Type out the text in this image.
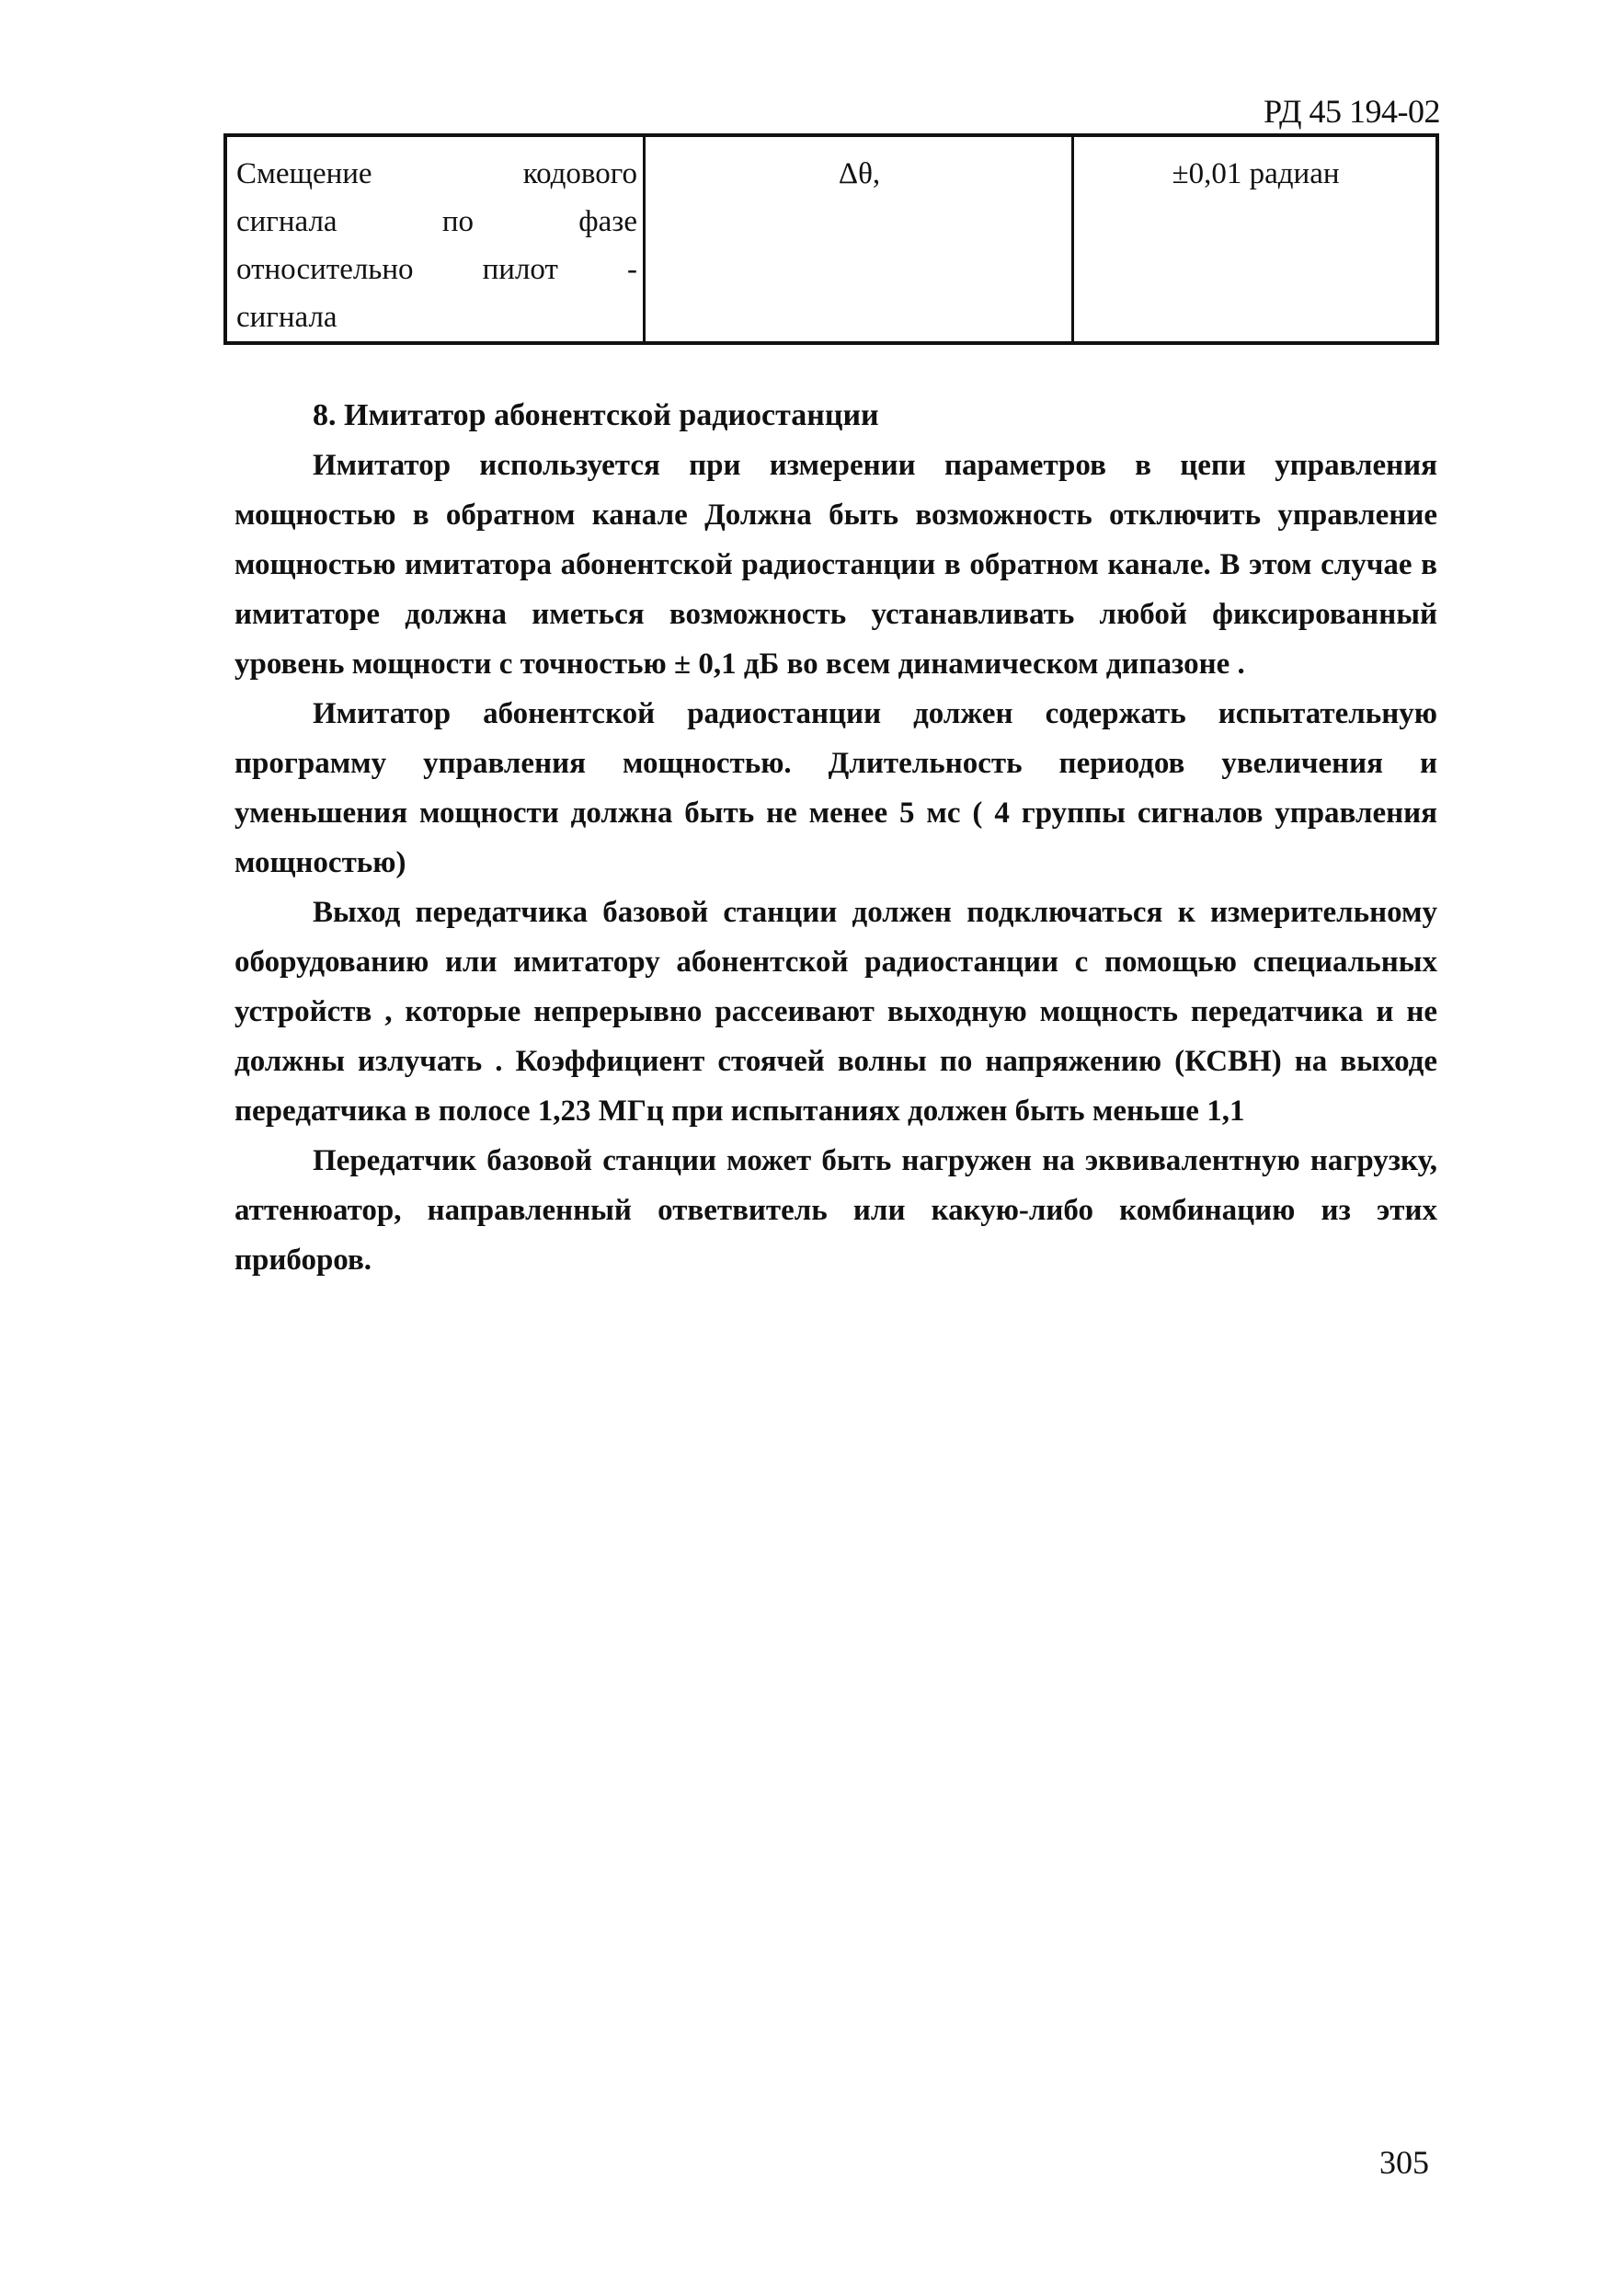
РД 45 194-02
Смещение кодового
сигнала по фазе
относительно пилот -
сигнала
	Δθ,	±0,01 радиан

8. Имитатор абонентской радиостанции

Имитатор используется при измерении параметров в цепи управления мощностью в обратном канале Должна быть возможность отключить управление мощностью имитатора абонентской радиостанции в обратном канале. В этом случае в имитаторе должна иметься возможность устанавливать любой фиксированный уровень мощности с точностью ± 0,1 дБ во всем динамическом дипазоне .

Имитатор абонентской радиостанции должен содержать испытательную программу управления мощностью. Длительность периодов увеличения и уменьшения мощности должна быть не менее 5 мс ( 4 группы сигналов управления мощностью)

Выход передатчика базовой станции должен подключаться к измерительному оборудованию или имитатору абонентской радиостанции с помощью специальных устройств , которые непрерывно рассеивают выходную мощность передатчика и не должны излучать . Коэффициент стоячей волны по напряжению (КСВН) на выходе передатчика в полосе 1,23 МГц при испытаниях должен быть меньше 1,1

Передатчик базовой станции может быть нагружен на эквивалентную нагрузку, аттенюатор, направленный ответвитель или какую-либо комбинацию из этих приборов.

305
